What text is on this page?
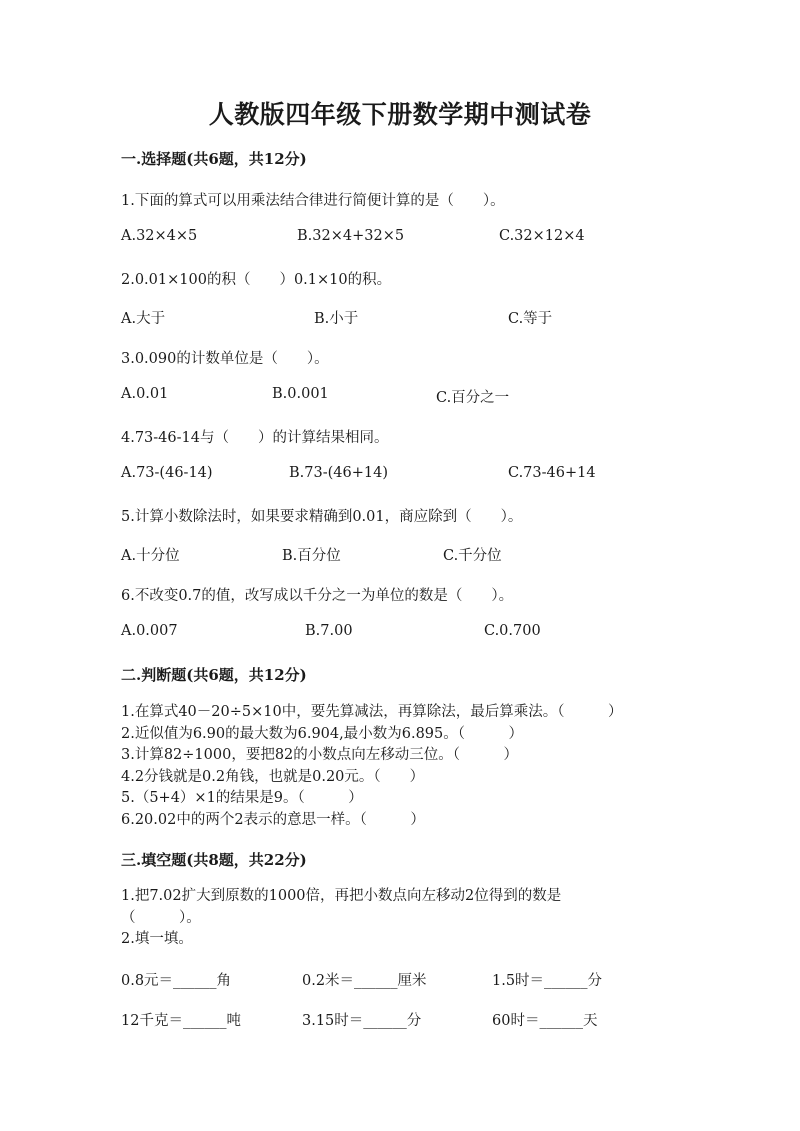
人教版四年级下册数学期中测试卷
一.选择题(共6题，共12分)
1.下面的算式可以用乘法结合律进行简便计算的是（　　）。
A.32×4×5	B.32×4+32×5	C.32×12×4
2.0.01×100的积（　　）0.1×10的积。
A.大于	B.小于	C.等于
3.0.090的计数单位是（　　）。
A.0.01	B.0.001	C.百分之一
4.73-46-14与（　　）的计算结果相同。
A.73-(46-14)	B.73-(46+14)	C.73-46+14
5.计算小数除法时，如果要求精确到0.01，商应除到（　　）。
A.十分位	B.百分位	C.千分位
6.不改变0.7的值，改写成以千分之一为单位的数是（　　）。
A.0.007	B.7.00	C.0.700
二.判断题(共6题，共12分)
1.在算式40－20÷5×10中，要先算减法，再算除法，最后算乘法。（　　　）
2.近似值为6.90的最大数为6.904,最小数为6.895。（　　　）
3.计算82÷1000，要把82的小数点向左移动三位。（　　　）
4.2分钱就是0.2角钱，也就是0.20元。（　　）
5.（5+4）×1的结果是9。（　　　）
6.20.02中的两个2表示的意思一样。（　　　）
三.填空题(共8题，共22分)
1.把7.02扩大到原数的1000倍，再把小数点向左移动2位得到的数是
（　　　）。
2.填一填。
0.8元＝______角	0.2米＝______厘米	1.5时＝______分
12千克＝______吨	3.15时＝______分	60时＝______天
